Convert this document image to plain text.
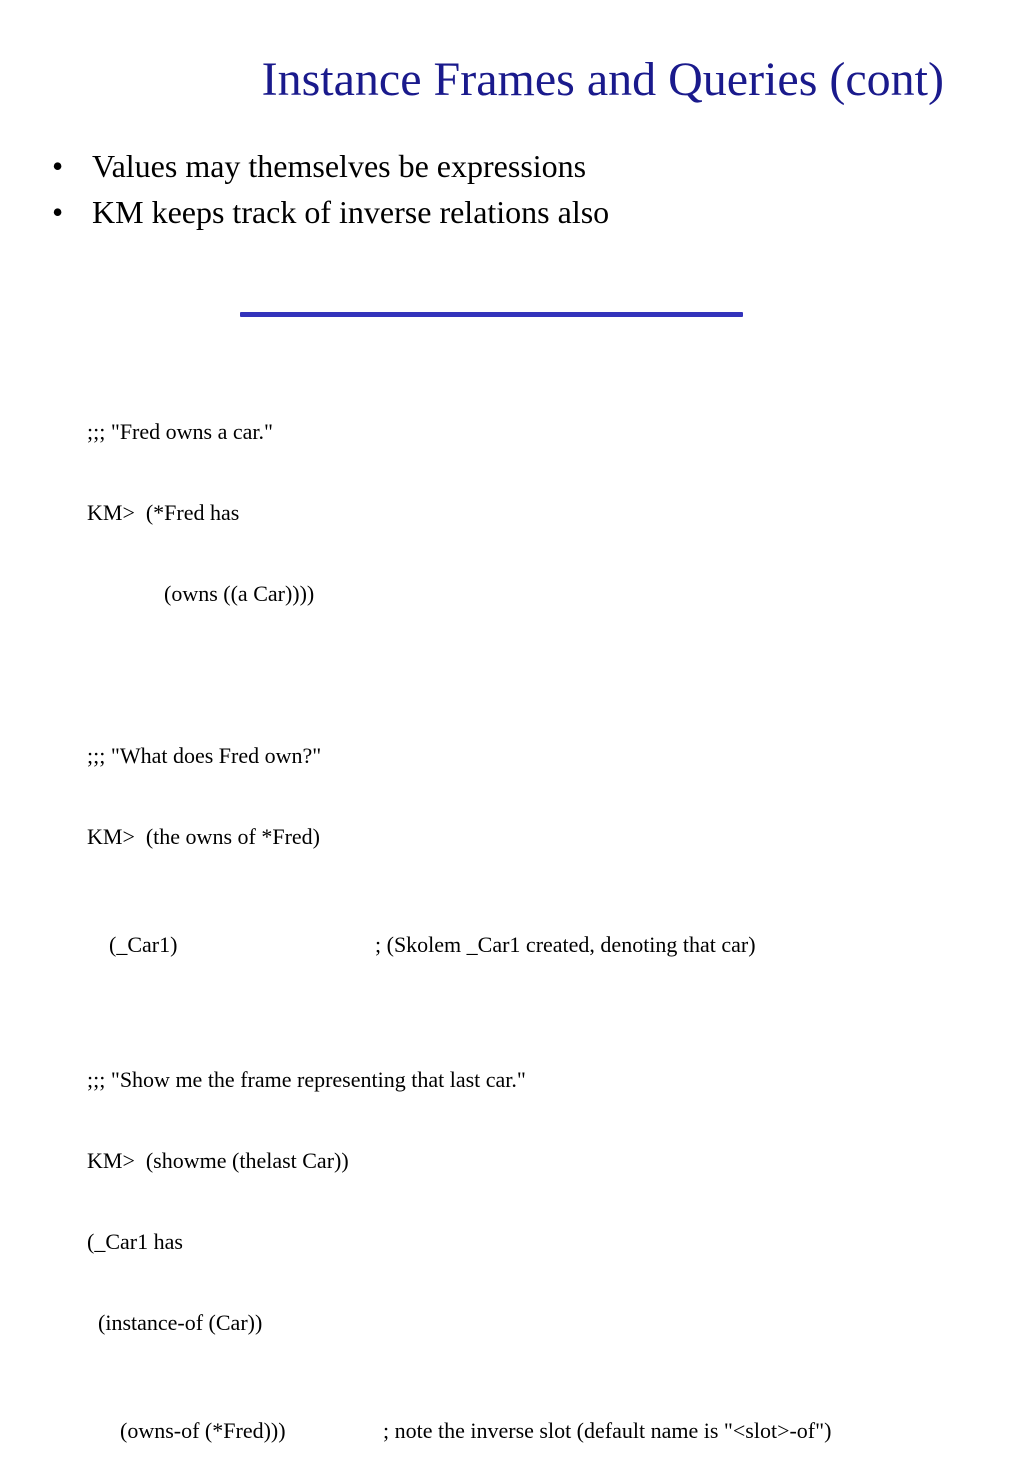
Instance Frames and Queries (cont)
• Values may themselves be expressions
• KM keeps track of inverse relations also

;;; "Fred owns a car."

KM>  (*Fred has

(owns ((a Car))))

;;; "What does Fred own?"

KM>  (the owns of *Fred)

(_Car1)	; (Skolem _Car1 created, denoting that car)

;;; "Show me the frame representing that last car."

KM>  (showme (thelast Car))

(_Car1 has

(instance-of (Car))

(owns-of (*Fred)))	; note the inverse slot (default name is "<slot>-of")
